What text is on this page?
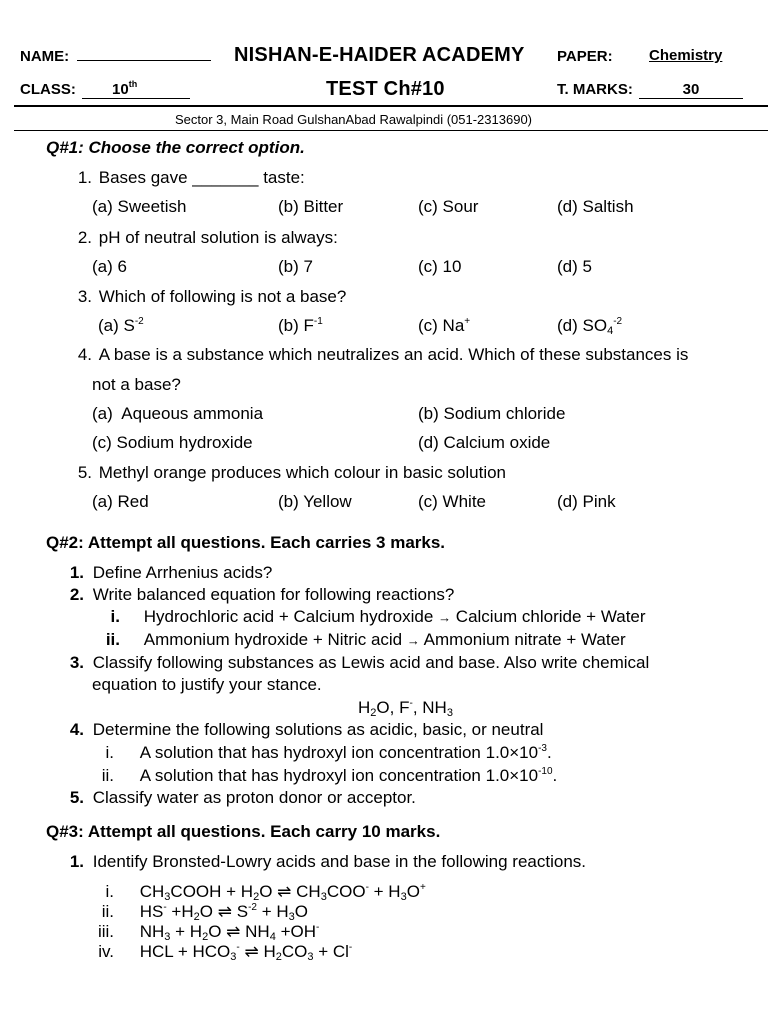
NAME:	NISHAN-E-HAIDER ACADEMY PAPER: Chemistry
CLASS: 10th	TEST Ch#10	T. MARKS:	30
Sector 3, Main Road GulshanAbad Rawalpindi (051-2313690)
Q#1: Choose the correct option.
1. Bases gave _______ taste:
(a) Sweetish	(b) Bitter	(c) Sour	(d) Saltish
2. pH of neutral solution is always:
(a) 6	(b) 7	(c) 10	(d) 5
3. Which of following is not a base?
(a) $S^{-2}$	(b) $F^{-1}$	(c) Na+	(d) $SO_4^{-2}$
4. A base is a substance which neutralizes an acid. Which of these substances is
not a base?
(a)  Aqueous ammonia	(b) Sodium chloride
(c) Sodium hydroxide	(d) Calcium oxide
5. Methyl orange produces which colour in basic solution
(a) Red	(b) Yellow	(c) White	(d) Pink
Q#2: Attempt all questions. Each carries 3 marks.
1. Define Arrhenius acids?
2. Write balanced equation for following reactions?
i. Hydrochloric acid + Calcium hydroxide → Calcium chloride + Water
ii. Ammonium hydroxide + Nitric acid → Ammonium nitrate + Water
3. Classify following substances as Lewis acid and base. Also write chemical
equation to justify your stance.
$H_2O$, F-, $NH_3$
4. Determine the following solutions as acidic, basic, or neutral
i. A solution that has hydroxyl ion concentration $1.0\times 10^{-3}$.
ii. A solution that has hydroxyl ion concentration $1.0\times 10^{-10}$.
5. Classify water as proton donor or acceptor.
Q#3: Attempt all questions. Each carry 10 marks.
1. Identify Bronsted-Lowry acids and base in the following reactions.
i. $CH_3COOH + H_2O$ ⇌ $CH_3COO^- + H_3O^+$
ii. $HS^- +H_2O$ ⇌ $S^{-2} + H_3O$
iii. $NH_3 + H_2O$ ⇌ $NH_4 +OH^-$
iv. HCL + $HCO_3^-$ ⇌ $H_2CO_3 + Cl^-$
